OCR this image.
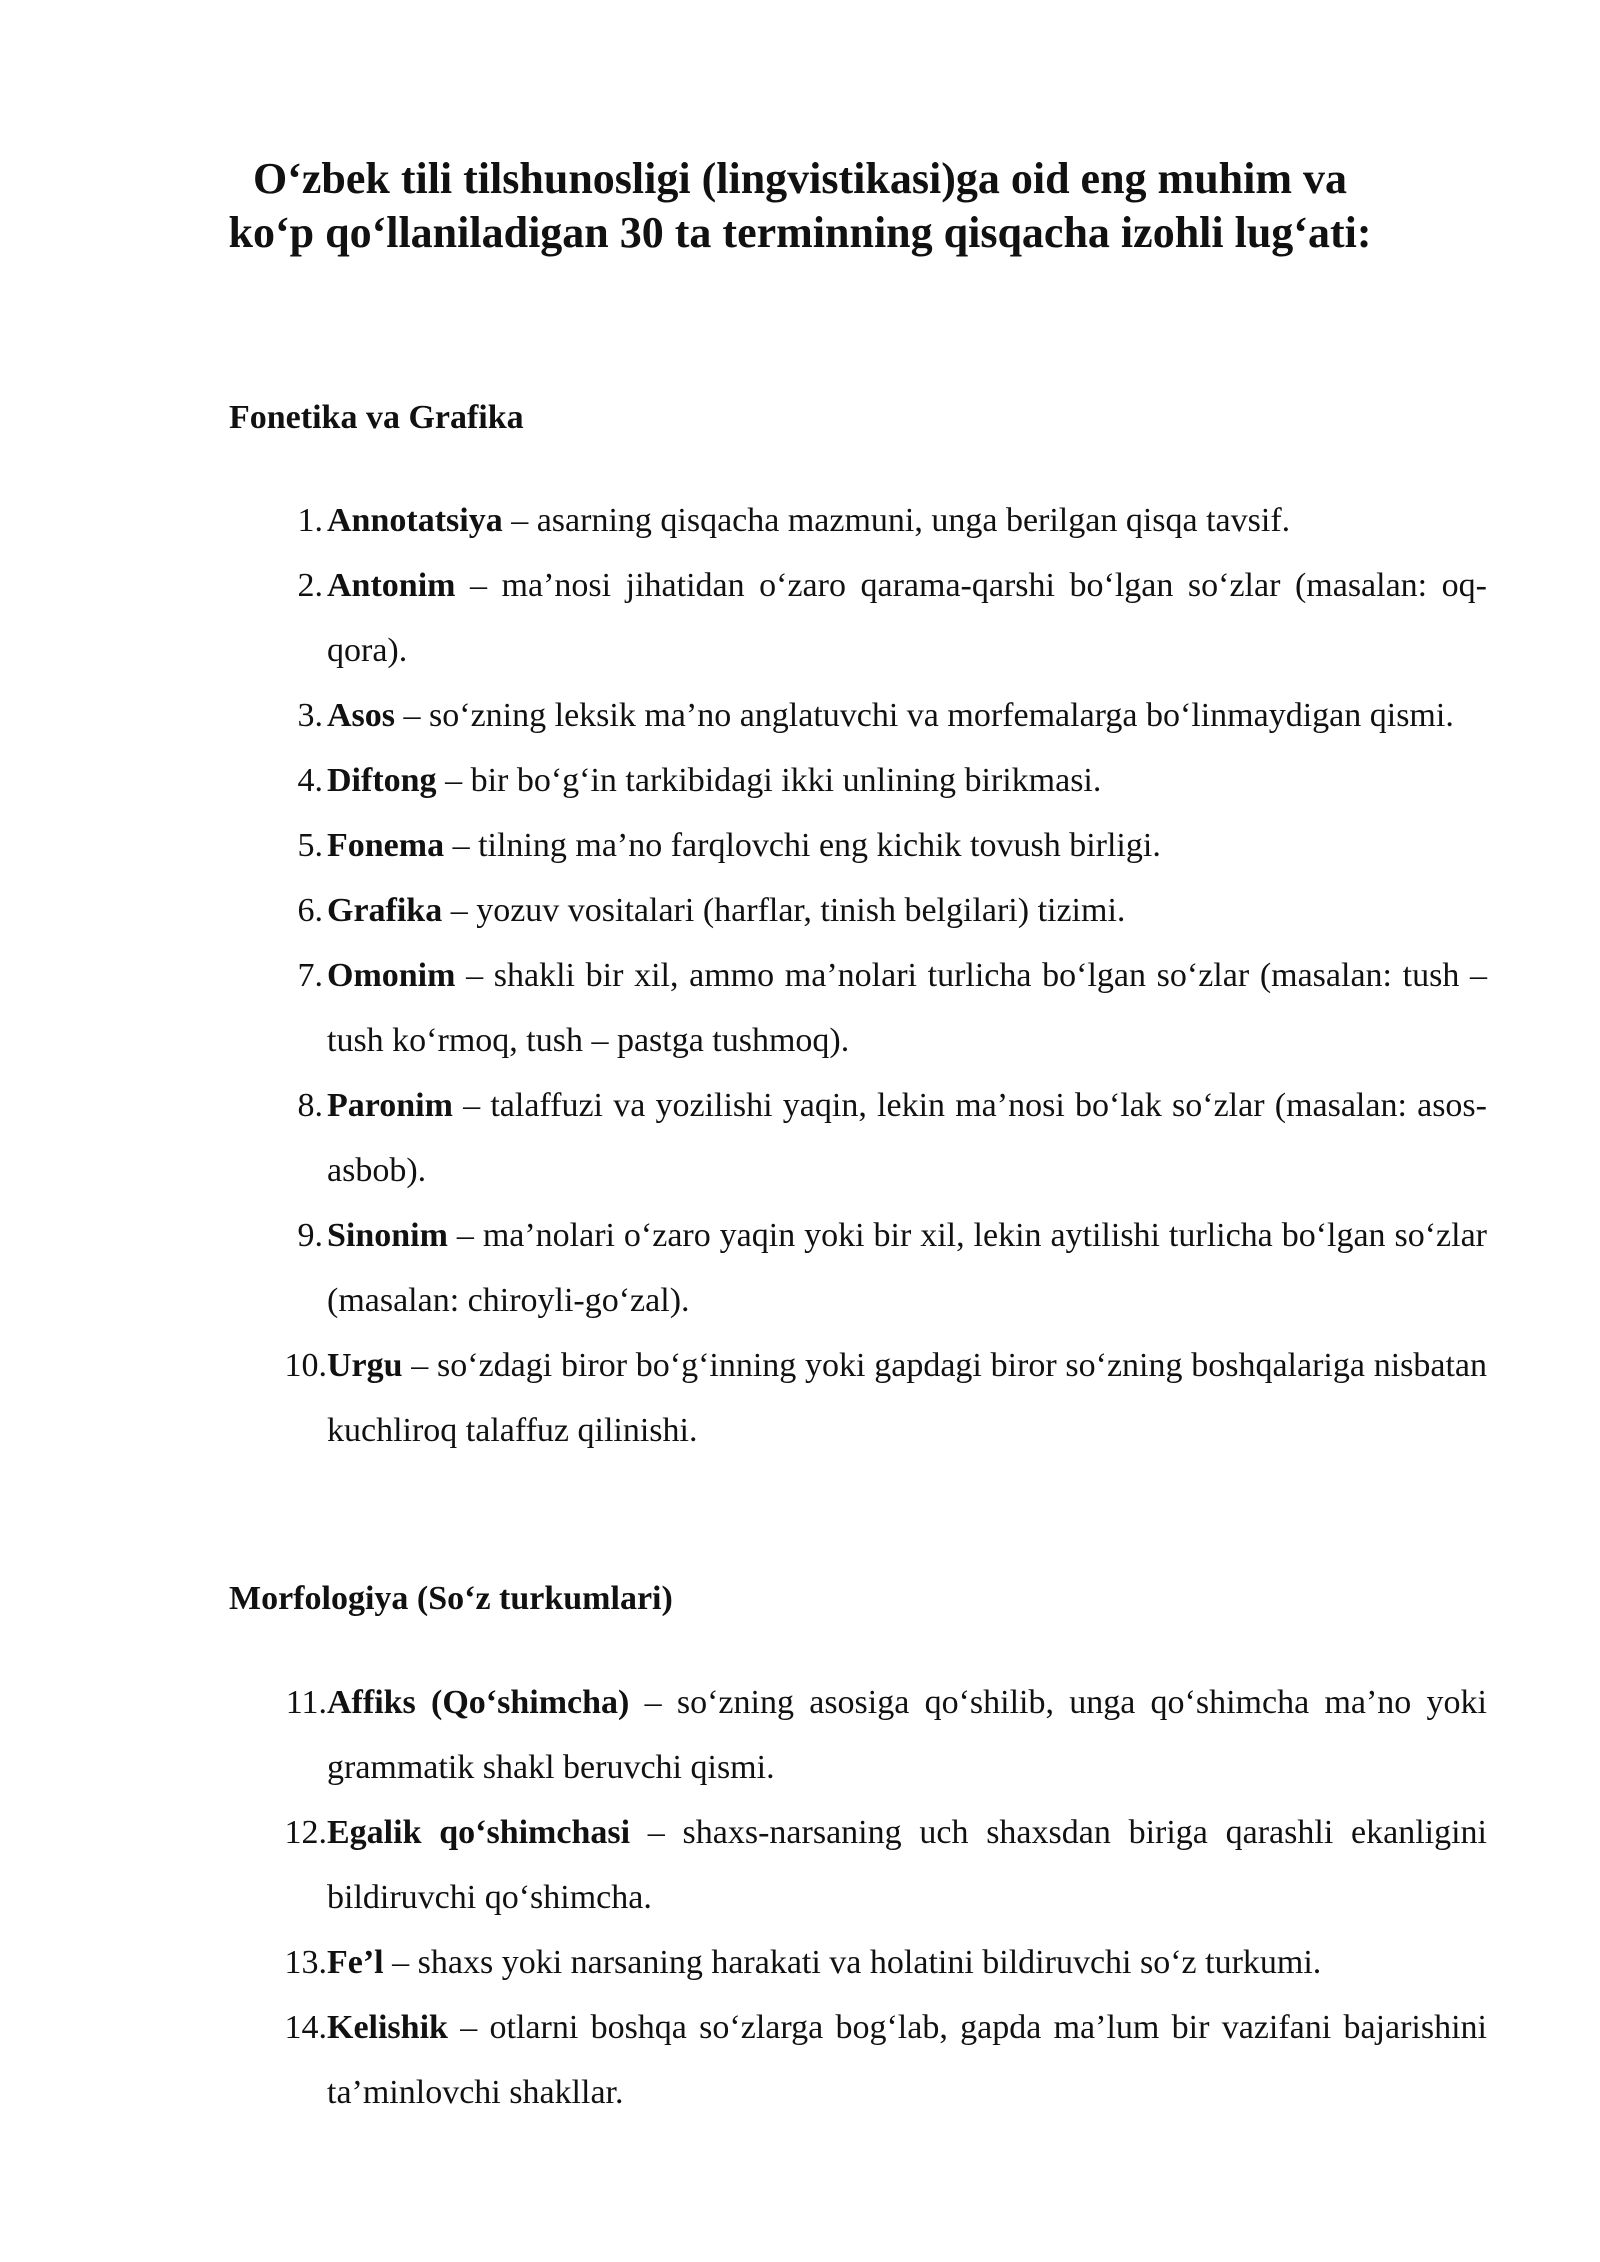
O‘zbek tili tilshunosligi (lingvistikasi)ga oid eng muhim va
ko‘p qo‘llaniladigan 30 ta terminning qisqacha izohli lug‘ati:
Fonetika va Grafika
1. Annotatsiya – asarning qisqacha mazmuni, unga berilgan qisqa tavsif.
2. Antonim – ma’nosi jihatidan o‘zaro qarama-qarshi bo‘lgan so‘zlar (masalan: oq-qora).
3. Asos – so‘zning leksik ma’no anglatuvchi va morfemalarga bo‘linmaydigan qismi.
4. Diftong – bir bo‘g‘in tarkibidagi ikki unlining birikmasi.
5. Fonema – tilning ma’no farqlovchi eng kichik tovush birligi.
6. Grafika – yozuv vositalari (harflar, tinish belgilari) tizimi.
7. Omonim – shakli bir xil, ammo ma’nolari turlicha bo‘lgan so‘zlar (masalan: tush – tush ko‘rmoq, tush – pastga tushmoq).
8. Paronim – talaffuzi va yozilishi yaqin, lekin ma’nosi bo‘lak so‘zlar (masalan: asos-asbob).
9. Sinonim – ma’nolari o‘zaro yaqin yoki bir xil, lekin aytilishi turlicha bo‘lgan so‘zlar (masalan: chiroyli-go‘zal).
10. Urgu – so‘zdagi biror bo‘g‘inning yoki gapdagi biror so‘zning boshqalariga nisbatan kuchliroq talaffuz qilinishi.
Morfologiya (So‘z turkumlari)
11. Affiks (Qo‘shimcha) – so‘zning asosiga qo‘shilib, unga qo‘shimcha ma’no yoki grammatik shakl beruvchi qismi.
12. Egalik qo‘shimchasi – shaxs-narsaning uch shaxsdan biriga qarashli ekanligini bildiruvchi qo‘shimcha.
13. Fe’l – shaxs yoki narsaning harakati va holatini bildiruvchi so‘z turkumi.
14. Kelishik – otlarni boshqa so‘zlarga bog‘lab, gapda ma’lum bir vazifani bajarishini ta’minlovchi shakllar.
